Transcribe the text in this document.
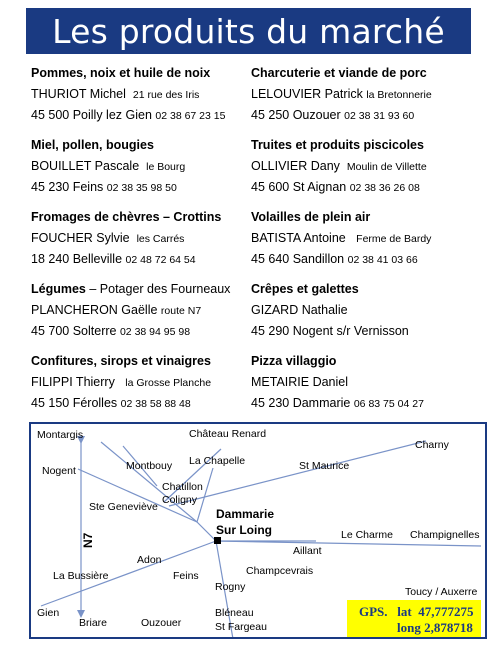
Les produits du marché
Pommes, noix et huile de noix
THURIOT Michel 21 rue des Iris
45 500 Poilly lez Gien 02 38 67 23 15
Miel, pollen, bougies
BOUILLET Pascale le Bourg
45 230 Feins 02 38 35 98 50
Fromages de chèvres – Crottins
FOUCHER Sylvie les Carrés
18 240 Belleville 02 48 72 64 54
Légumes – Potager des Fourneaux
PLANCHERON Gaëlle route N7
45 700 Solterre 02 38 94 95 98
Confitures, sirops et vinaigres
FILIPPI Thierry la Grosse Planche
45 150 Férolles 02 38 58 88 48
Charcuterie et viande de porc
LELOUVIER Patrick la Bretonnerie
45 250 Ouzouer 02 38 31 93 60
Truites et produits piscicoles
OLLIVIER Dany Moulin de Villette
45 600 St Aignan 02 38 36 26 08
Volailles de plein air
BATISTA Antoine Ferme de Bardy
45 640 Sandillon 02 38 41 03 66
Crêpes et galettes
GIZARD Nathalie
45 290 Nogent s/r Vernisson
Pizza villaggio
METAIRIE Daniel
45 230 Dammarie 06 83 75 04 27
Montargis	Château Renard
Charny
Nogent	Montbouy La Chapelle	St Maurice
Chatillon
Coligny
Ste Geneviève	Dammarie
Sur Loing
N7	Le Charme Champignelles
Aillant
Adon
Champcevrais
La Bussière	Feins
Rogny	Toucy / Auxerre
Gien
Briare	Ouzouer
Bléneau
St Fargeau
GPS. lat 47,777275
long 2,878718
